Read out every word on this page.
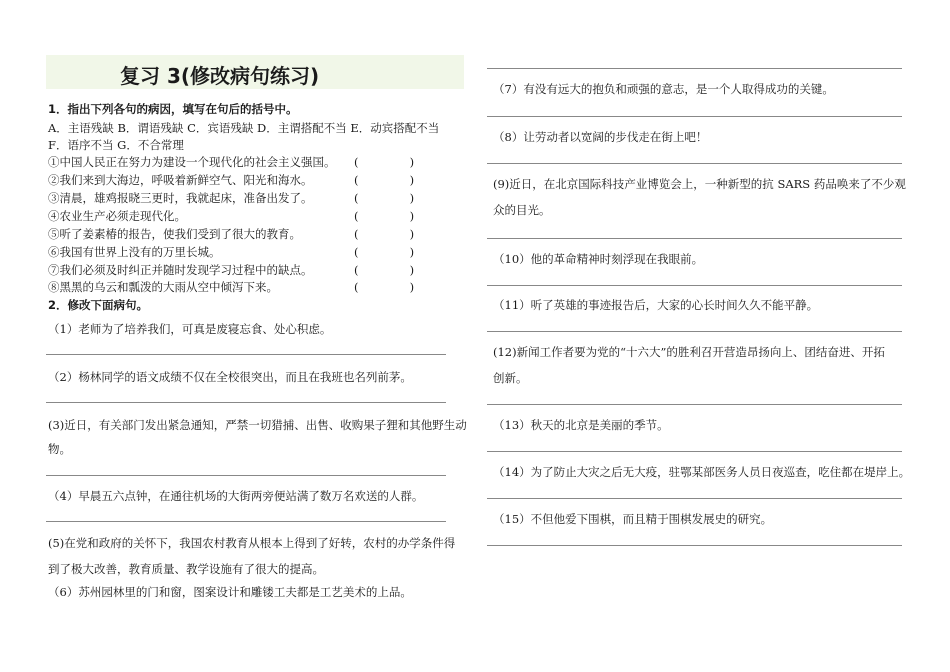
复习 3(修改病句练习)
1．指出下列各句的病因，填写在句后的括号中。
A．主语残缺 B．谓语残缺 C．宾语残缺 D．主谓搭配不当 E．动宾搭配不当
F．语序不当 G．不合常理
①中国人民正在努力为建设一个现代化的社会主义强国。 (              )
②我们来到大海边，呼吸着新鲜空气、阳光和海水。	(              )
③清晨，雄鸡报晓三更时，我就起床，准备出发了。	(              )
④农业生产必须走现代化。	(              )
⑤听了姜素椿的报告，使我们受到了很大的教育。	(              )
⑥我国有世界上没有的万里长城。	(              )
⑦我们必须及时纠正并随时发现学习过程中的缺点。	(              )
⑧黑黑的乌云和瓢泼的大雨从空中倾泻下来。	(              )
2．修改下面病句。
（1）老师为了培养我们，可真是废寝忘食、处心积虑。
（2）杨林同学的语文成绩不仅在全校很突出，而且在我班也名列前茅。
(3)近日，有关部门发出紧急通知，严禁一切猎捕、出售、收购果子狸和其他野生动
物。
（4）早晨五六点钟，在通往机场的大街两旁便站满了数万名欢送的人群。
(5)在党和政府的关怀下，我国农村教育从根本上得到了好转，农村的办学条件得
到了极大改善，教育质量、教学设施有了很大的提高。
（6）苏州园林里的门和窗，图案设计和雕镂工夫都是工艺美术的上品。
（7）有没有远大的抱负和顽强的意志，是一个人取得成功的关键。
（8）让劳动者以宽阔的步伐走在街上吧！
(9)近日，在北京国际科技产业博览会上，一种新型的抗 SARS 药品唤来了不少观
众的目光。
（10）他的革命精神时刻浮现在我眼前。
（11）听了英雄的事迹报告后，大家的心长时间久久不能平静。
(12)新闻工作者要为党的“十六大”的胜利召开营造昂扬向上、团结奋进、开拓
创新。
（13）秋天的北京是美丽的季节。
（14）为了防止大灾之后无大疫，驻鄂某部医务人员日夜巡查，吃住都在堤岸上。
（15）不但他爱下围棋，而且精于围棋发展史的研究。
